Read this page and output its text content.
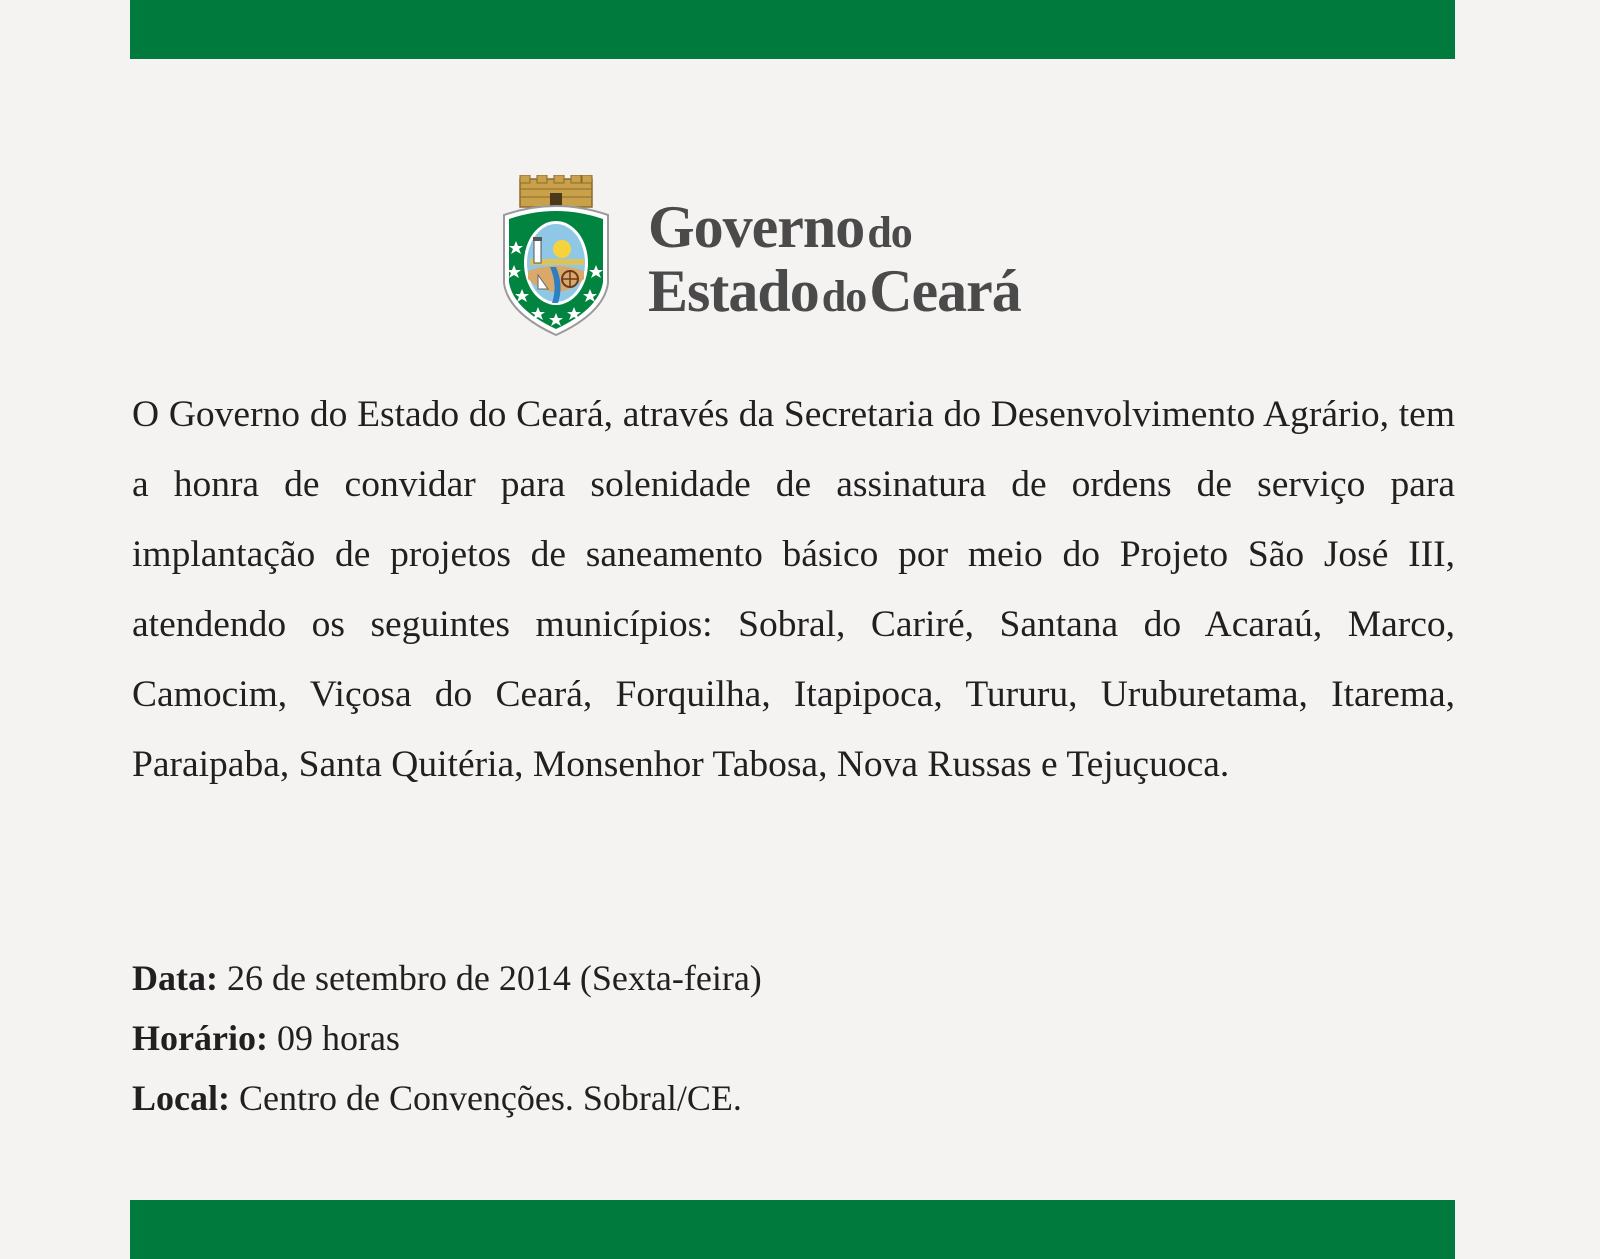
Governo do
Estado do Ceará

O Governo do Estado do Ceará, através da Secretaria do Desenvolvimento Agrário, tem a honra de convidar para solenidade de assinatura de ordens de serviço para implantação de projetos de saneamento básico por meio do Projeto São José III, atendendo os seguintes municípios: Sobral, Cariré, Santana do Acaraú, Marco, Camocim, Viçosa do Ceará, Forquilha, Itapipoca, Tururu, Uruburetama, Itarema, Paraipaba, Santa Quitéria, Monsenhor Tabosa, Nova Russas e Tejuçuoca.

Data: 26 de setembro de 2014 (Sexta-feira)
Horário: 09 horas
Local: Centro de Convenções. Sobral/CE.
